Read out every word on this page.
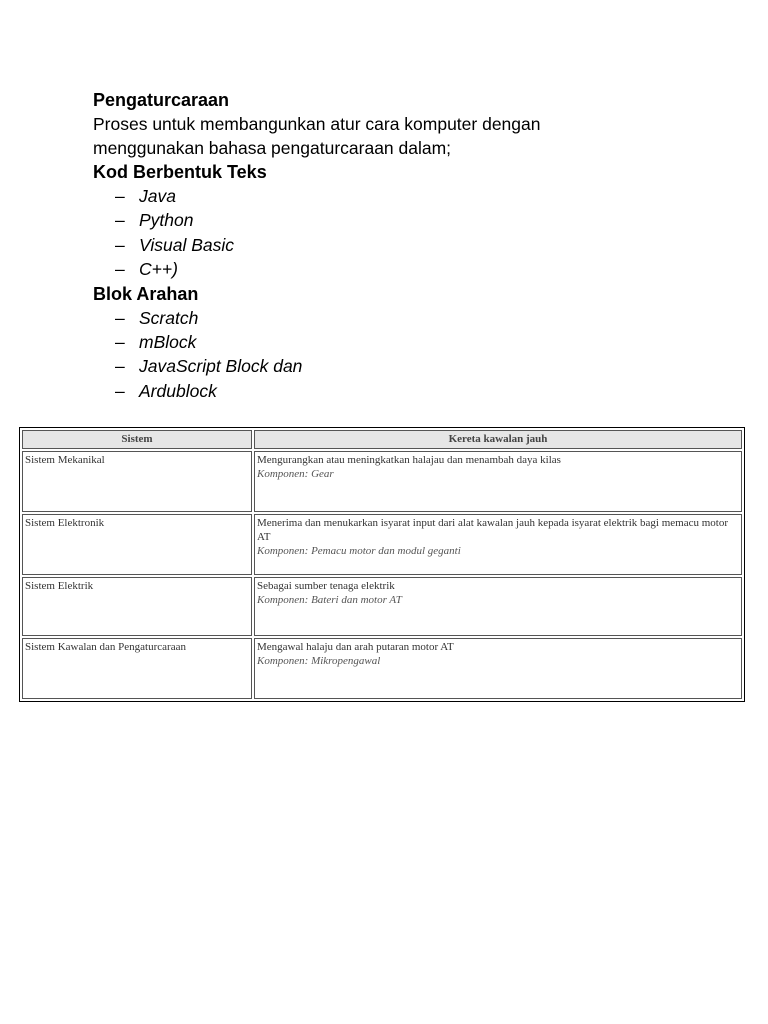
Pengaturcaraan

Proses untuk membangunkan atur cara komputer dengan

menggunakan bahasa pengaturcaraan dalam;

Kod Berbentuk Teks

– Java
– Python
– Visual Basic
– C++)

Blok Arahan

– Scratch
– mBlock
– JavaScript Block dan
– Ardublock
Sistem	Kereta kawalan jauh
Sistem Mekanikal	Mengurangkan atau meningkatkan halajau dan menambah daya kilas
Komponen: Gear

Sistem Elektronik	Menerima dan menukarkan isyarat input dari alat kawalan jauh kepada isyarat elektrik bagi memacu motor AT
Komponen: Pemacu motor dan modul geganti

Sistem Elektrik	Sebagai sumber tenaga elektrik
Komponen: Bateri dan motor AT

Sistem Kawalan dan Pengaturcaraan	Mengawal halaju dan arah putaran motor AT
Komponen: Mikropengawal
